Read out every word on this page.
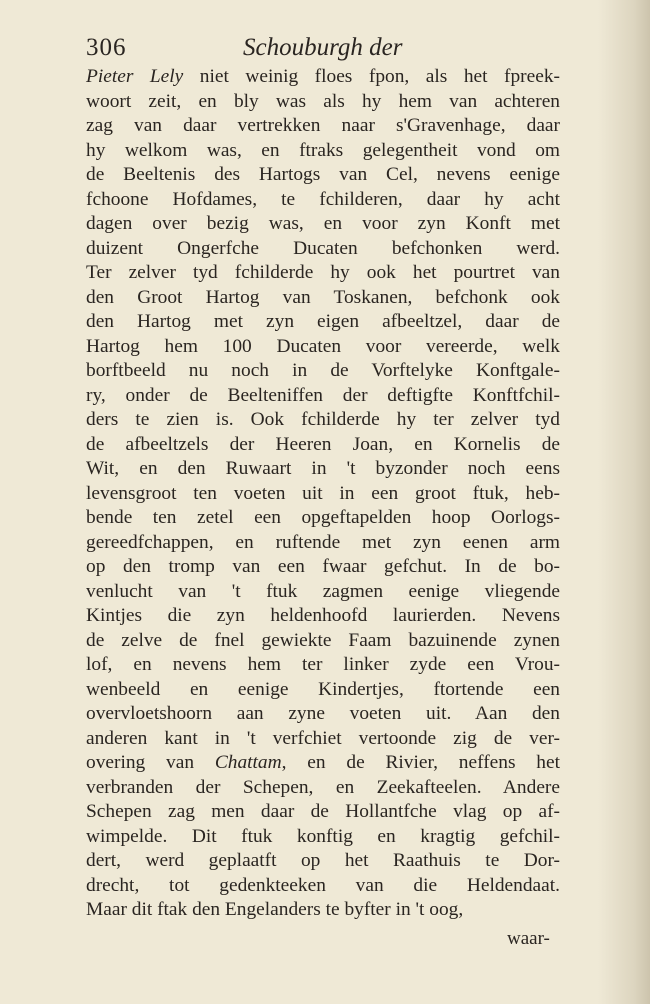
306	Schouburgh der
Pieter Lely niet weinig floes fpon, als het fpreek-
woort zeit, en bly was als hy hem van achteren
zag van daar vertrekken naar s'Gravenhage, daar
hy welkom was, en ftraks gelegentheit vond om
de Beeltenis des Hartogs van Cel, nevens eenige
fchoone Hofdames, te fchilderen, daar hy acht
dagen over bezig was, en voor zyn Konft met
duizent Ongerfche Ducaten befchonken werd.
Ter zelver tyd fchilderde hy ook het pourtret van
den Groot Hartog van Toskanen, befchonk ook
den Hartog met zyn eigen afbeeltzel, daar de
Hartog hem 100 Ducaten voor vereerde, welk
borftbeeld nu noch in de Vorftelyke Konftgale-
ry, onder de Beelteniffen der deftigfte Konftfchil-
ders te zien is. Ook fchilderde hy ter zelver tyd
de afbeeltzels der Heeren Joan, en Kornelis de
Wit, en den Ruwaart in 't byzonder noch eens
levensgroot ten voeten uit in een groot ftuk, heb-
bende ten zetel een opgeftapelden hoop Oorlogs-
gereedfchappen, en ruftende met zyn eenen arm
op den tromp van een fwaar gefchut. In de bo-
venlucht van 't ftuk zagmen eenige vliegende
Kintjes die zyn heldenhoofd laurierden. Nevens
de zelve de fnel gewiekte Faam bazuinende zynen
lof, en nevens hem ter linker zyde een Vrou-
wenbeeld en eenige Kindertjes, ftortende een
overvloetshoorn aan zyne voeten uit. Aan den
anderen kant in 't verfchiet vertoonde zig de ver-
overing van Chattam, en de Rivier, neffens het
verbranden der Schepen, en Zeekafteelen. Andere
Schepen zag men daar de Hollantfche vlag op af-
wimpelde. Dit ftuk konftig en kragtig gefchil-
dert, werd geplaatft op het Raathuis te Dor-
drecht, tot gedenkteeken van die Heldendaat.
Maar dit ftak den Engelanders te byfter in 't oog,
waar-
